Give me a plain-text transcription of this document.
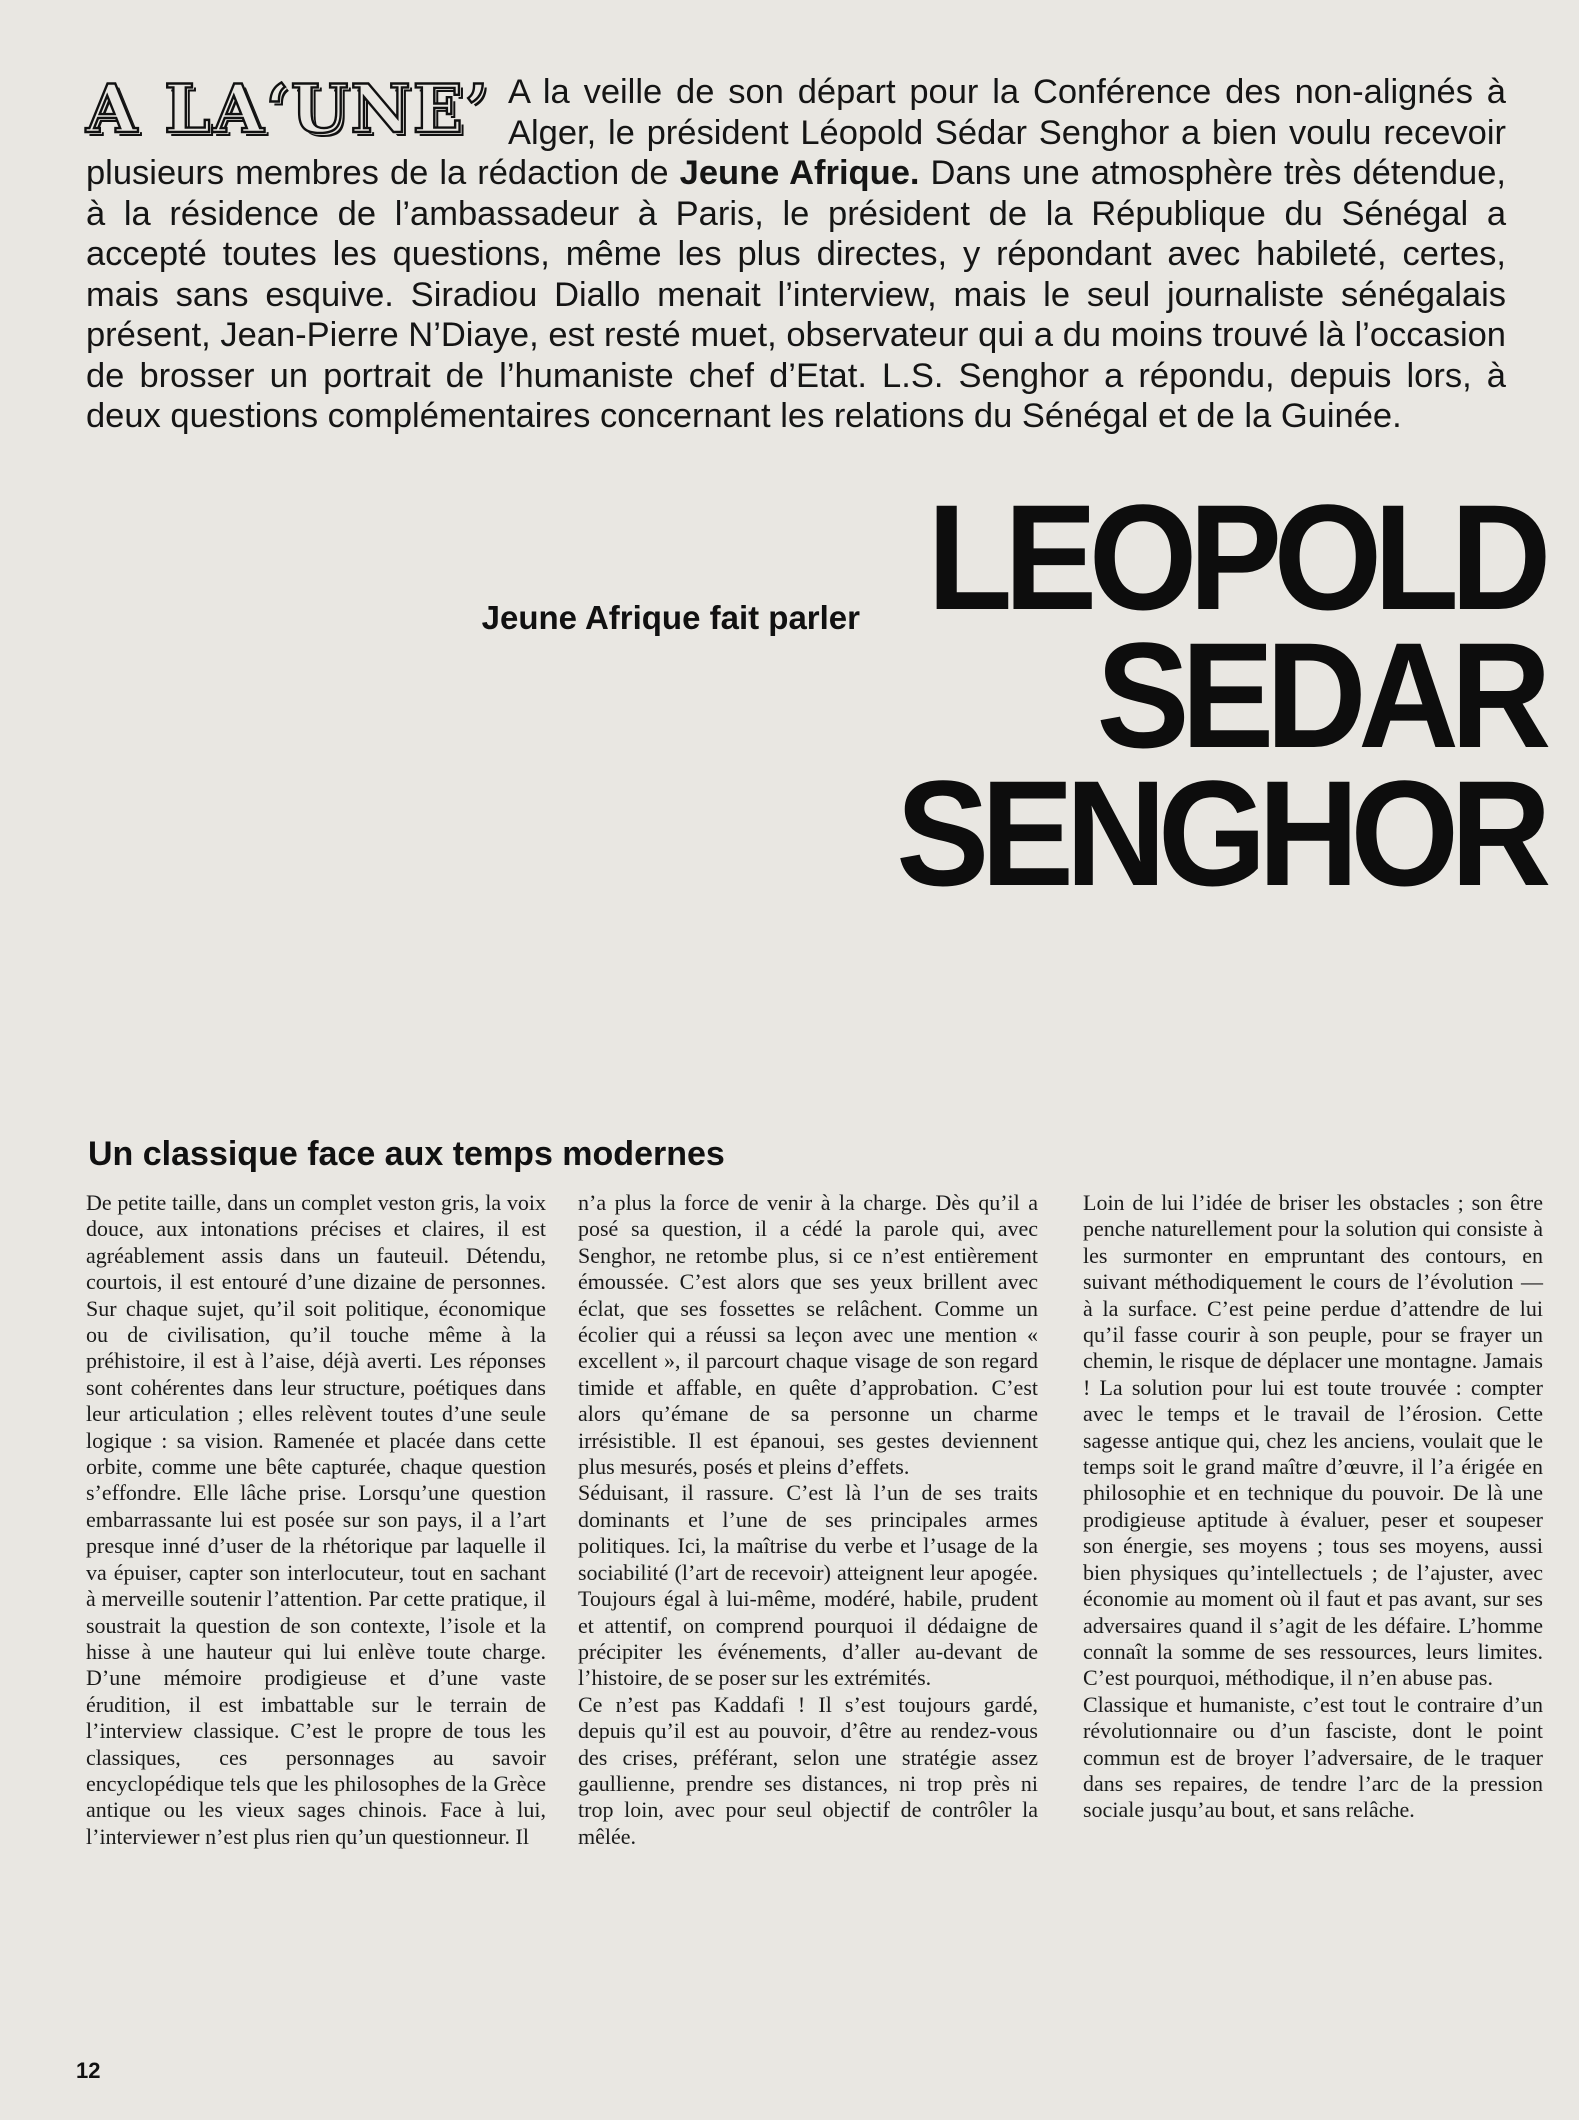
A LA‘UNE’ A la veille de son départ pour la Conférence des non-alignés à Alger, le président Léopold Sédar Senghor a bien voulu recevoir plusieurs membres de la rédaction de Jeune Afrique. Dans une atmosphère très détendue, à la résidence de l’ambassadeur à Paris, le président de la République du Sénégal a accepté toutes les questions, même les plus directes, y répondant avec habileté, certes, mais sans esquive. Siradiou Diallo menait l’interview, mais le seul journaliste sénégalais présent, Jean-Pierre N’Diaye, est resté muet, observateur qui a du moins trouvé là l’occasion de brosser un portrait de l’humaniste chef d’Etat. L.S. Senghor a répondu, depuis lors, à deux questions complémentaires concernant les relations du Sénégal et de la Guinée.
Jeune Afrique fait parler LEOPOLD
SEDAR
SENGHOR
Un classique face aux temps modernes

De petite taille, dans un complet veston gris, la voix douce, aux intonations précises et claires, il est agréablement assis dans un fauteuil. Détendu, courtois, il est entouré d’une dizaine de personnes. Sur chaque sujet, qu’il soit politique, économique ou de civilisation, qu’il touche même à la préhistoire, il est à l’aise, déjà averti. Les réponses sont cohérentes dans leur structure, poétiques dans leur articulation ; elles relèvent toutes d’une seule logique : sa vision. Ramenée et placée dans cette orbite, comme une bête capturée, chaque question s’effondre. Elle lâche prise. Lorsqu’une question embarrassante lui est posée sur son pays, il a l’art presque inné d’user de la rhétorique par laquelle il va épuiser, capter son interlocuteur, tout en sachant à merveille soutenir l’attention. Par cette pratique, il soustrait la question de son contexte, l’isole et la hisse à une hauteur qui lui enlève toute charge. D’une mémoire prodigieuse et d’une vaste érudition, il est imbattable sur le terrain de l’interview classique. C’est le propre de tous les classiques, ces personnages au savoir encyclopédique tels que les philosophes de la Grèce antique ou les vieux sages chinois. Face à lui, l’interviewer n’est plus rien qu’un questionneur. Il

n’a plus la force de venir à la charge. Dès qu’il a posé sa question, il a cédé la parole qui, avec Senghor, ne retombe plus, si ce n’est entièrement émoussée. C’est alors que ses yeux brillent avec éclat, que ses fossettes se relâchent. Comme un écolier qui a réussi sa leçon avec une mention « excellent », il parcourt chaque visage de son regard timide et affable, en quête d’approbation. C’est alors qu’émane de sa personne un charme irrésistible. Il est épanoui, ses gestes deviennent plus mesurés, posés et pleins d’effets.

Séduisant, il rassure. C’est là l’un de ses traits dominants et l’une de ses principales armes politiques. Ici, la maîtrise du verbe et l’usage de la sociabilité (l’art de recevoir) atteignent leur apogée. Toujours égal à lui-même, modéré, habile, prudent et attentif, on comprend pourquoi il dédaigne de précipiter les événements, d’aller au-devant de l’histoire, de se poser sur les extrémités.

Ce n’est pas Kaddafi ! Il s’est toujours gardé, depuis qu’il est au pouvoir, d’être au rendez-vous des crises, préférant, selon une stratégie assez gaullienne, prendre ses distances, ni trop près ni trop loin, avec pour seul objectif de contrôler la mêlée.

Loin de lui l’idée de briser les obstacles ; son être penche naturellement pour la solution qui consiste à les surmonter en empruntant des contours, en suivant méthodiquement le cours de l’évolution — à la surface. C’est peine perdue d’attendre de lui qu’il fasse courir à son peuple, pour se frayer un chemin, le risque de déplacer une montagne. Jamais ! La solution pour lui est toute trouvée : compter avec le temps et le travail de l’érosion. Cette sagesse antique qui, chez les anciens, voulait que le temps soit le grand maître d’œuvre, il l’a érigée en philosophie et en technique du pouvoir. De là une prodigieuse aptitude à évaluer, peser et soupeser son énergie, ses moyens ; tous ses moyens, aussi bien physiques qu’intellectuels ; de l’ajuster, avec économie au moment où il faut et pas avant, sur ses adversaires quand il s’agit de les défaire. L’homme connaît la somme de ses ressources, leurs limites. C’est pourquoi, méthodique, il n’en abuse pas.

Classique et humaniste, c’est tout le contraire d’un révolutionnaire ou d’un fasciste, dont le point commun est de broyer l’adversaire, de le traquer dans ses repaires, de tendre l’arc de la pression sociale jusqu’au bout, et sans relâche.

12
